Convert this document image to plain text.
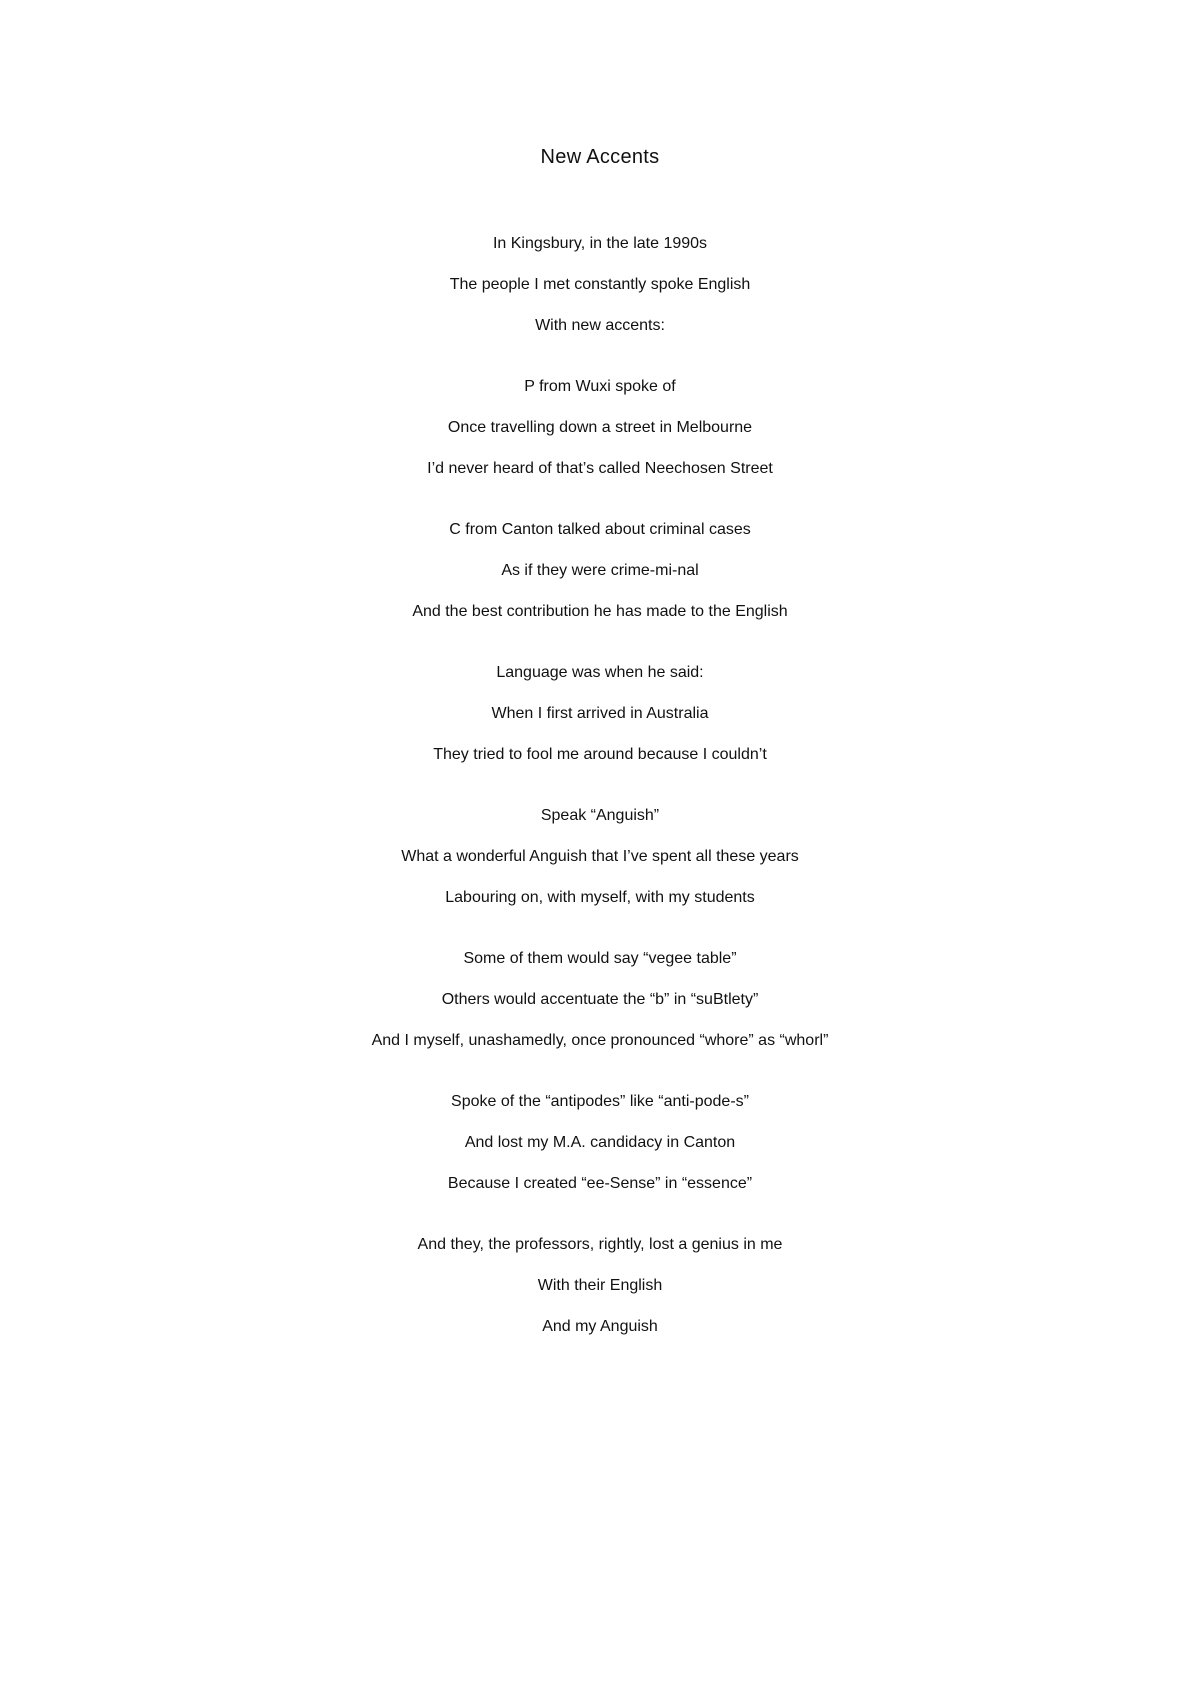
New Accents
In Kingsbury, in the late 1990s
The people I met constantly spoke English
With new accents:
P from Wuxi spoke of
Once travelling down a street in Melbourne
I’d never heard of that’s called Neechosen Street
C from Canton talked about criminal cases
As if they were crime-mi-nal
And the best contribution he has made to the English
Language was when he said:
When I first arrived in Australia
They tried to fool me around because I couldn’t
Speak “Anguish”
What a wonderful Anguish that I’ve spent all these years
Labouring on, with myself, with my students
Some of them would say “vegee table”
Others would accentuate the “b” in “suBtlety”
And I myself, unashamedly, once pronounced “whore” as “whorl”
Spoke of the “antipodes” like “anti-pode-s”
And lost my M.A. candidacy in Canton
Because I created “ee-Sense” in “essence”
And they, the professors, rightly, lost a genius in me
With their English
And my Anguish
